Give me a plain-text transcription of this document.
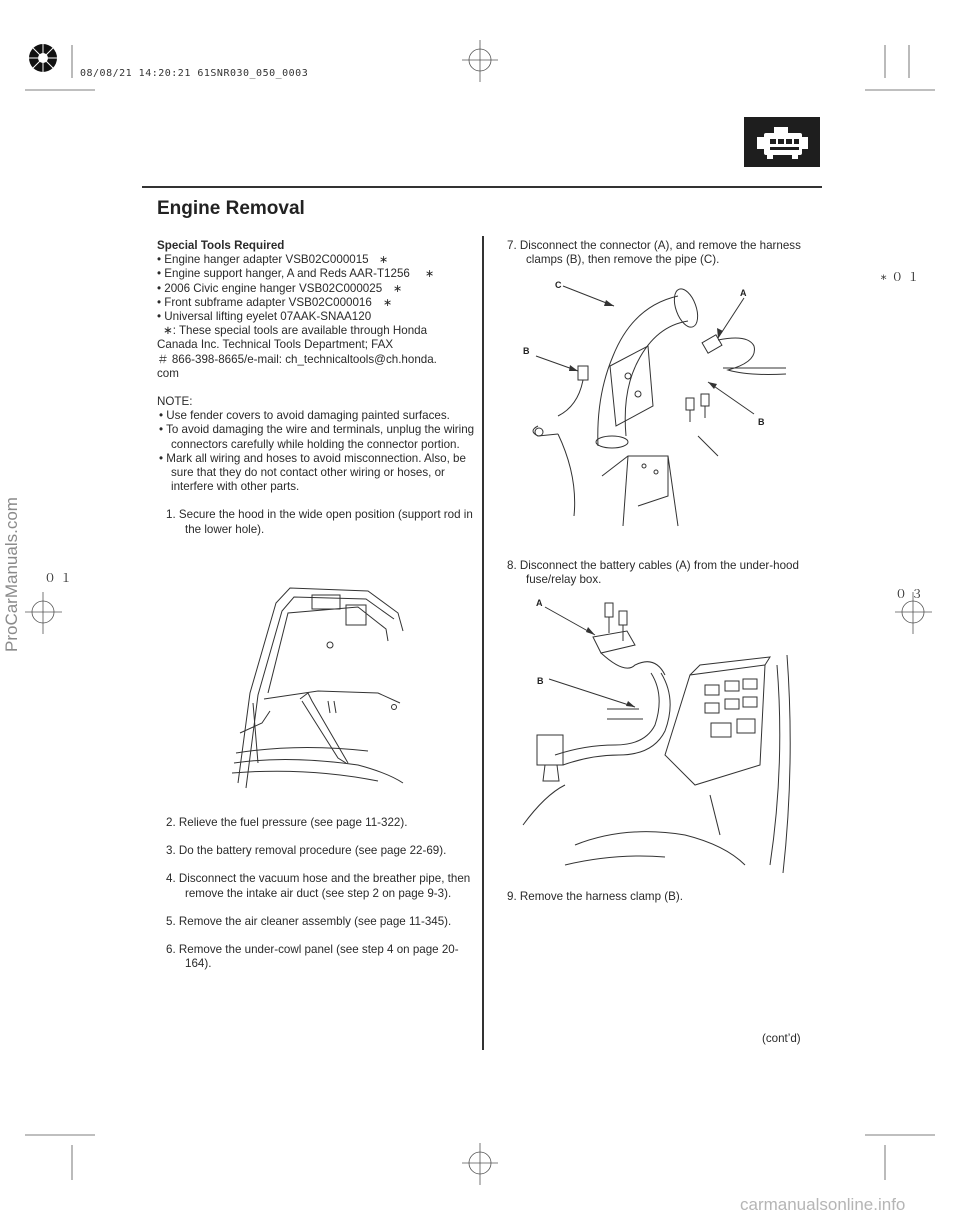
08/08/21 14:20:21 61SNR030_050_0003
Engine Removal
∗０１
０１
０３

Special Tools Required

• Engine hanger adapter VSB02C000015 ∗

• Engine support hanger, A and Reds AAR-T1256 ∗

• 2006 Civic engine hanger VSB02C000025 ∗

• Front subframe adapter VSB02C000016 ∗

• Universal lifting eyelet 07AAK-SNAA120

∗: These special tools are available through Honda

Canada Inc. Technical Tools Department; FAX

＃ 866-398-8665/e-mail: ch_technicaltools@ch.honda.

com

NOTE:

• Use fender covers to avoid damaging painted surfaces.

• To avoid damaging the wire and terminals, unplug the wiring connectors carefully while holding the connector portion.

• Mark all wiring and hoses to avoid misconnection. Also, be sure that they do not contact other wiring or hoses, or interfere with other parts.

1. Secure the hood in the wide open position (support rod in the lower hole).

2. Relieve the fuel pressure (see page 11-322).

3. Do the battery removal procedure (see page 22-69).

4. Disconnect the vacuum hose and the breather pipe, then remove the intake air duct (see step 2 on page 9-3).

5. Remove the air cleaner assembly (see page 11-345).

6. Remove the under-cowl panel (see step 4 on page 20-164).

7. Disconnect the connector (A), and remove the harness clamps (B), then remove the pipe (C).

C
A
B
B

8. Disconnect the battery cables (A) from the under-hood fuse/relay box.

A
B

9. Remove the harness clamp (B).

(cont’d)
ProCarManuals.com
carmanualsonline.info
